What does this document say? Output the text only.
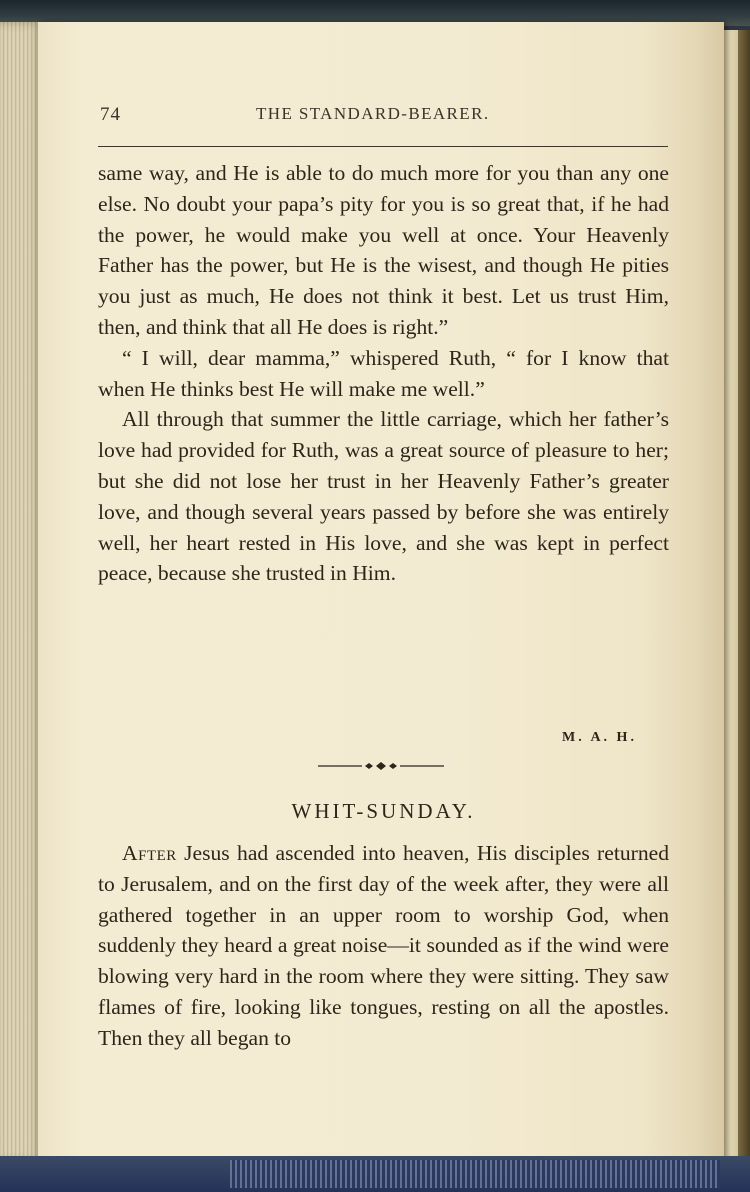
74	THE STANDARD-BEARER.

same way, and He is able to do much more for you than any one else. No doubt your papa’s pity for you is so great that, if he had the power, he would make you well at once. Your Heavenly Father has the power, but He is the wisest, and though He pities you just as much, He does not think it best. Let us trust Him, then, and think that all He does is right.”

“ I will, dear mamma,” whispered Ruth, “ for I know that when He thinks best He will make me well.”

All through that summer the little carriage, which her father’s love had provided for Ruth, was a great source of pleasure to her; but she did not lose her trust in her Heavenly Father’s greater love, and though several years passed by before she was entirely well, her heart rested in His love, and she was kept in perfect peace, because she trusted in Him.

M. A. H.
WHIT-SUNDAY.

After Jesus had ascended into heaven, His disciples returned to Jerusalem, and on the first day of the week after, they were all gathered together in an upper room to worship God, when suddenly they heard a great noise—it sounded as if the wind were blowing very hard in the room where they were sitting. They saw flames of fire, looking like tongues, resting on all the apostles. Then they all began to
